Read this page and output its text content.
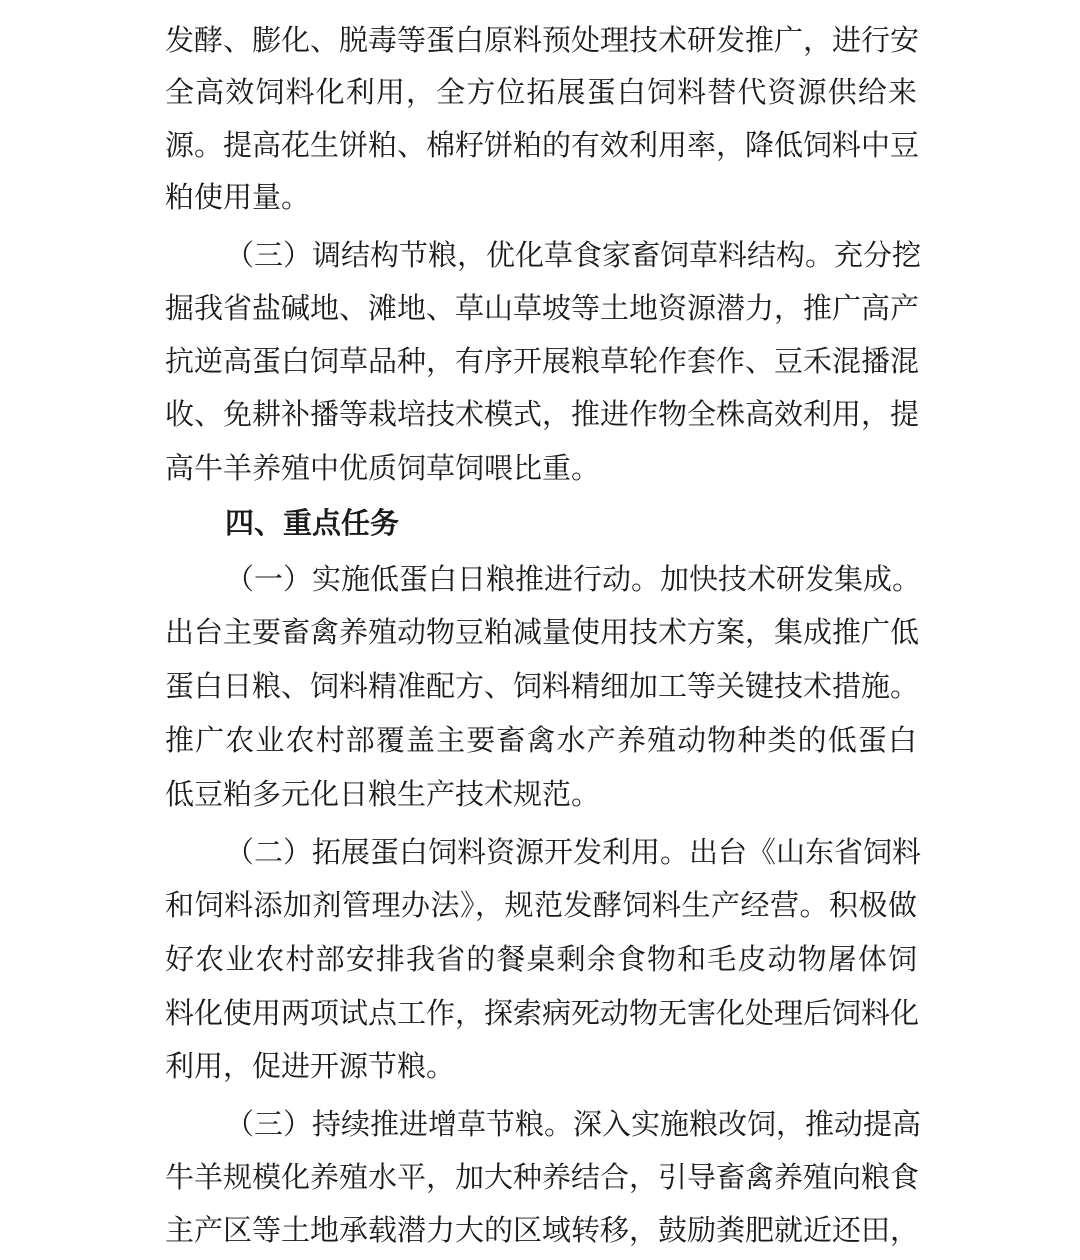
发酵、膨化、脱毒等蛋白原料预处理技术研发推广，进行安
全高效饲料化利用，全方位拓展蛋白饲料替代资源供给来
源。提高花生饼粕、棉籽饼粕的有效利用率，降低饲料中豆
粕使用量。
（三）调结构节粮，优化草食家畜饲草料结构。充分挖
掘我省盐碱地、滩地、草山草坡等土地资源潜力，推广高产
抗逆高蛋白饲草品种，有序开展粮草轮作套作、豆禾混播混
收、免耕补播等栽培技术模式，推进作物全株高效利用，提
高牛羊养殖中优质饲草饲喂比重。
四、重点任务
（一）实施低蛋白日粮推进行动。加快技术研发集成。
出台主要畜禽养殖动物豆粕减量使用技术方案，集成推广低
蛋白日粮、饲料精准配方、饲料精细加工等关键技术措施。
推广农业农村部覆盖主要畜禽水产养殖动物种类的低蛋白
低豆粕多元化日粮生产技术规范。
（二）拓展蛋白饲料资源开发利用。出台《山东省饲料
和饲料添加剂管理办法》，规范发酵饲料生产经营。积极做
好农业农村部安排我省的餐桌剩余食物和毛皮动物屠体饲
料化使用两项试点工作，探索病死动物无害化处理后饲料化
利用，促进开源节粮。
（三）持续推进增草节粮。深入实施粮改饲，推动提高
牛羊规模化养殖水平，加大种养结合，引导畜禽养殖向粮食
主产区等土地承载潜力大的区域转移，鼓励粪肥就近还田，
